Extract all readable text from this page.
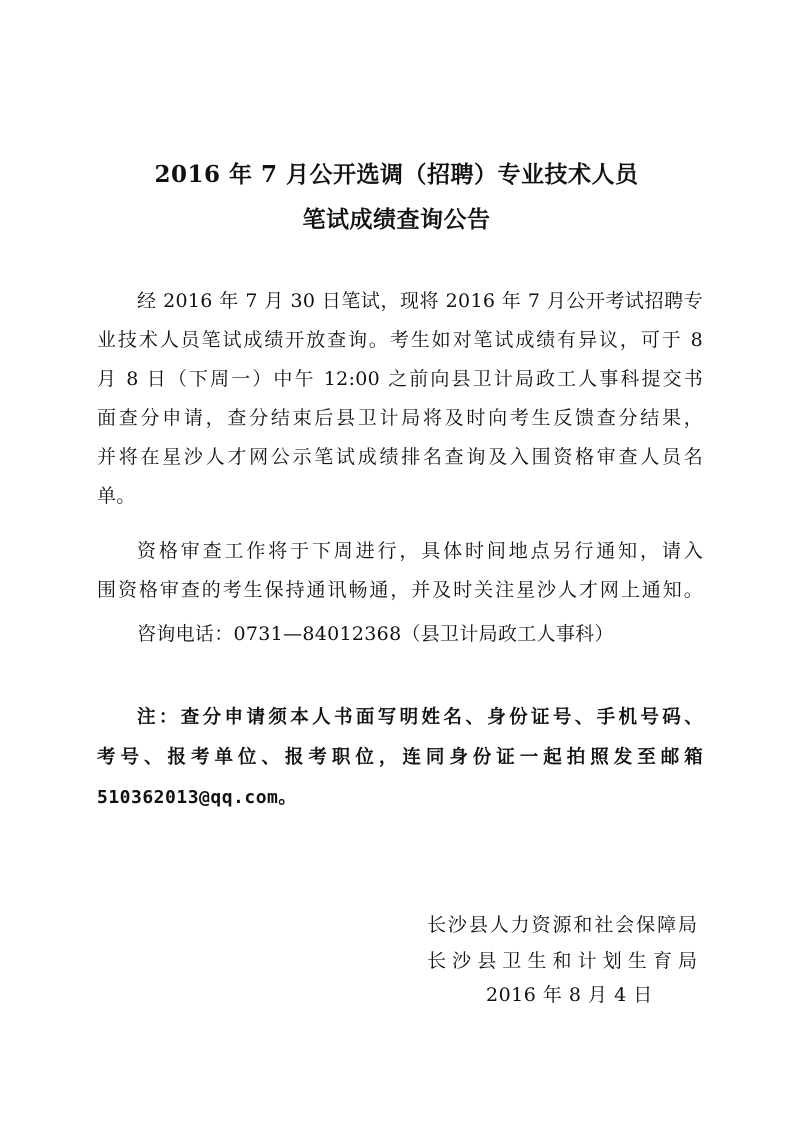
2016 年 7 月公开选调（招聘）专业技术人员
笔试成绩查询公告
经 2016 年 7 月 30 日笔试，现将 2016 年 7 月公开考试招聘专
业技术人员笔试成绩开放查询。考生如对笔试成绩有异议，可于 8
月 8 日（下周一）中午 12:00 之前向县卫计局政工人事科提交书
面查分申请，查分结束后县卫计局将及时向考生反馈查分结果，
并将在星沙人才网公示笔试成绩排名查询及入围资格审查人员名
单。
资格审查工作将于下周进行，具体时间地点另行通知，请入
围资格审查的考生保持通讯畅通，并及时关注星沙人才网上通知。
咨询电话：0731—84012368（县卫计局政工人事科）
注：查分申请须本人书面写明姓名、身份证号、手机号码、
考号、报考单位、报考职位，连同身份证一起拍照发至邮箱
510362013@qq.com。
长沙县人力资源和社会保障局
长沙县卫生和计划生育局
2016 年 8 月 4 日
